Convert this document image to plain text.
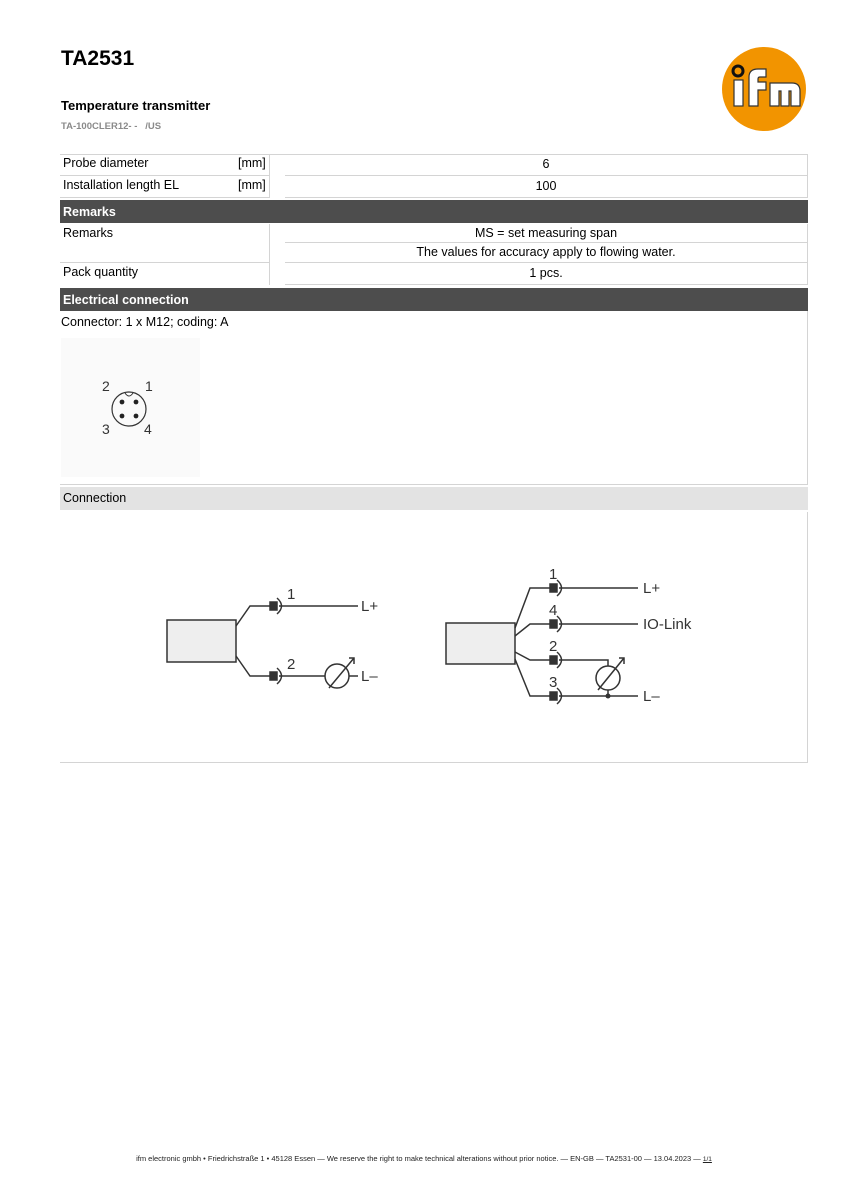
TA2531
Temperature transmitter
TA-100CLER12- -   /US
Probe diameter	[mm]	6
Installation length EL	[mm]	100
Remarks
Remarks	MS = set measuring span
The values for accuracy apply to flowing water.
Pack quantity	1 pcs.
Electrical connection
Connector: 1 x M12; coding: A
2	1
3 4
Connection
1
2
L+
L–
1
4
2
3
L+
IO-Link
L–
ifm electronic gmbh • Friedrichstraße 1 • 45128 Essen — We reserve the right to make technical alterations without prior notice. — EN-GB — TA2531-00 — 13.04.2023 — 1/1
